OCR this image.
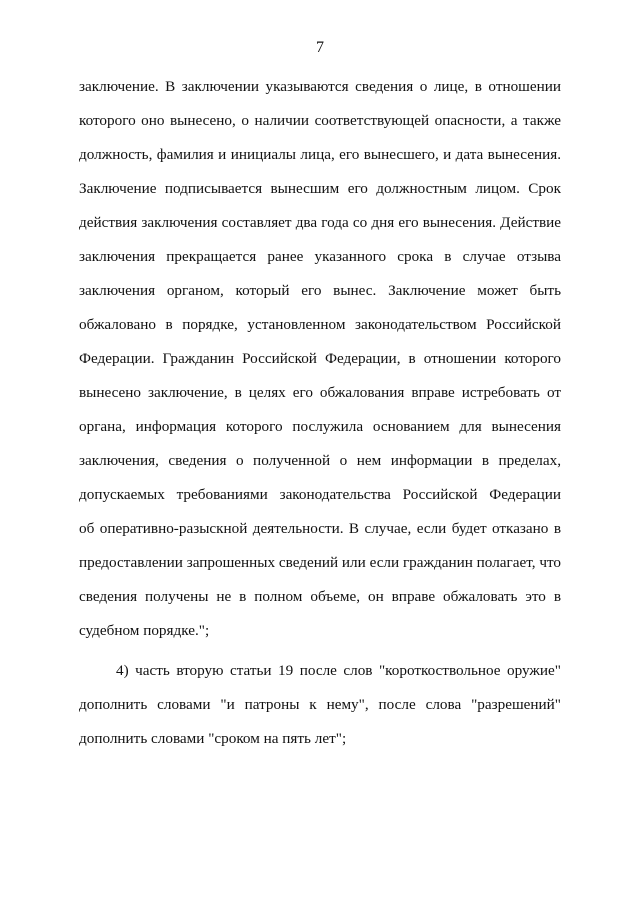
7
заключение. В заключении указываются сведения о лице, в отношении
которого оно вынесено, о наличии соответствующей опасности, а также
должность, фамилия и инициалы лица, его вынесшего, и дата вынесения.
Заключение подписывается вынесшим его должностным лицом. Срок
действия заключения составляет два года со дня его вынесения. Действие
заключения прекращается ранее указанного срока в случае отзыва
заключения органом, который его вынес. Заключение может быть
обжаловано в порядке, установленном законодательством Российской
Федерации. Гражданин Российской Федерации, в отношении которого
вынесено заключение, в целях его обжалования вправе истребовать от
органа, информация которого послужила основанием для вынесения
заключения, сведения о полученной о нем информации в пределах,
допускаемых требованиями законодательства Российской Федерации
об оперативно-разыскной деятельности. В случае, если будет отказано в
предоставлении запрошенных сведений или если гражданин полагает, что
сведения получены не в полном объеме, он вправе обжаловать это в
судебном порядке.";
4) часть вторую статьи 19 после слов "короткоствольное оружие"
дополнить словами "и патроны к нему", после слова "разрешений"
дополнить словами "сроком на пять лет";
